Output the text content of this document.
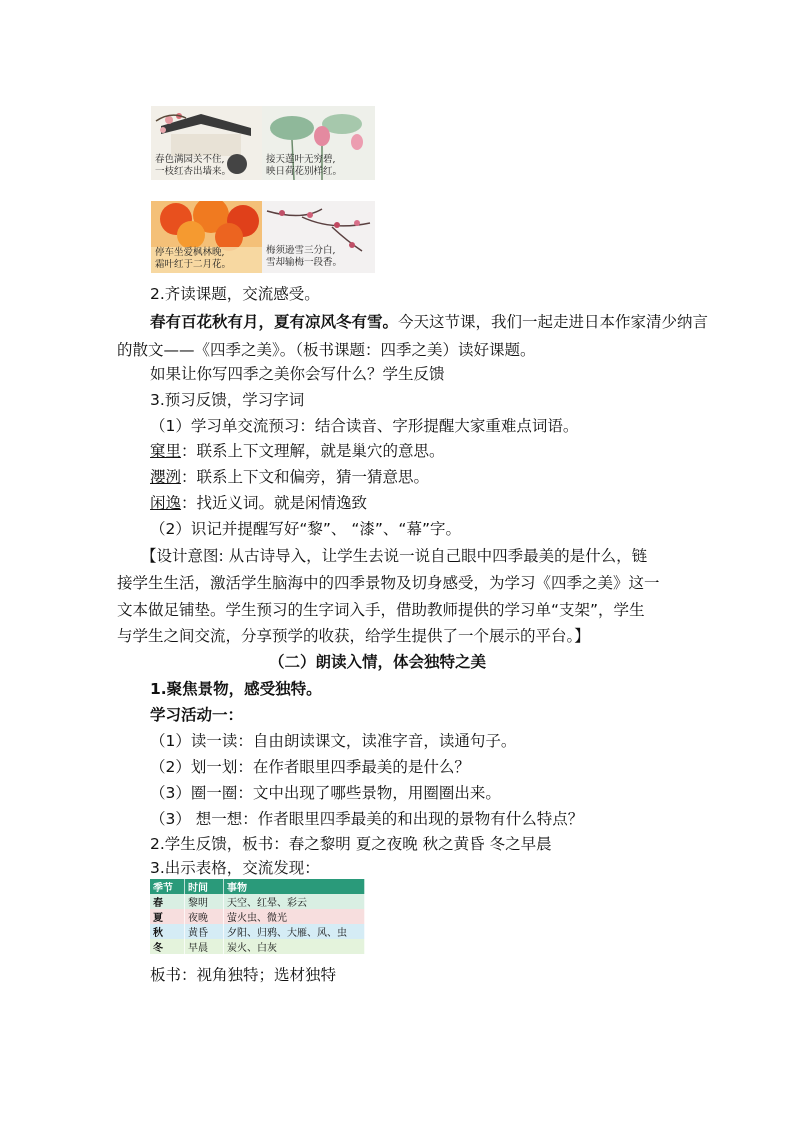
春色满园关不住,
一枝红杏出墙来。
接天莲叶无穷碧,
映日荷花别样红。
停车坐爱枫林晚,
霜叶红于二月花。
梅须逊雪三分白,
雪却输梅一段香。
2.齐读课题，交流感受。
春有百花秋有月，夏有凉风冬有雪。今天这节课，我们一起走进日本作家清少纳言
的散文——《四季之美》。（板书课题：四季之美）读好课题。
如果让你写四季之美你会写什么？学生反馈
3.预习反馈，学习字词
（1）学习单交流预习：结合读音、字形提醒大家重难点词语。
窠里：联系上下文理解，就是巢穴的意思。
瀴洌：联系上下文和偏旁，猜一猜意思。
闲逸：找近义词。就是闲情逸致
（2）识记并提醒写好“黎”、 “漆”、“幕”字。
【设计意图: 从古诗导入，让学生去说一说自己眼中四季最美的是什么，链
接学生生活，激活学生脑海中的四季景物及切身感受，为学习《四季之美》这一
文本做足铺垫。学生预习的生字词入手，借助教师提供的学习单“支架”，学生
与学生之间交流，分享预学的收获，给学生提供了一个展示的平台。】
（二）朗读入情，体会独特之美
1.聚焦景物，感受独特。
学习活动一：
（1）读一读：自由朗读课文，读准字音，读通句子。
（2）划一划：在作者眼里四季最美的是什么？
（3）圈一圈：文中出现了哪些景物，用圈圈出来。
（3） 想一想：作者眼里四季最美的和出现的景物有什么特点？
2.学生反馈，板书：春之黎明 夏之夜晚 秋之黄昏 冬之早晨
3.出示表格，交流发现：
季节	时间	事物
春	黎明	天空、红晕、彩云
夏	夜晚	萤火虫、微光
秋	黄昏	夕阳、归鸦、大雁、风、虫
冬	早晨	炭火、白灰
板书：视角独特；选材独特
